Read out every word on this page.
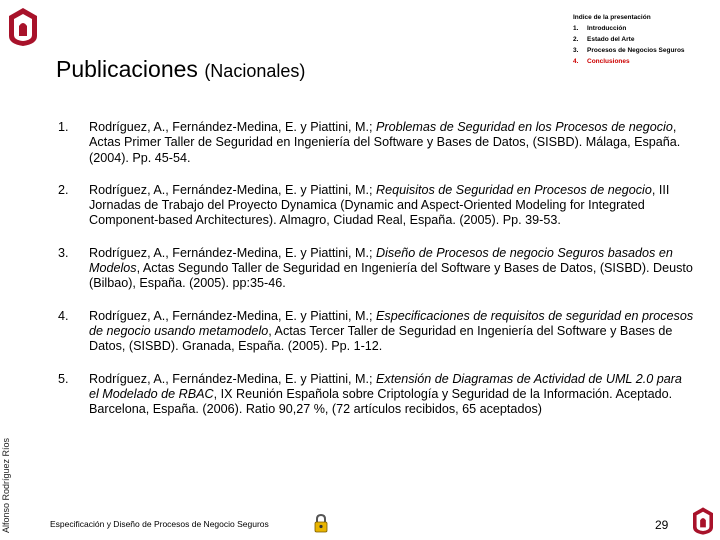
Alfonso Rodríguez Ríos
Publicaciones (Nacionales)
Indice de la presentación
1.	Introducción
2.	Estado del Arte
3.	Procesos de Negocios Seguros
4.	Conclusiones
1.	Rodríguez, A., Fernández-Medina, E. y Piattini, M.; Problemas de Seguridad en los Procesos de negocio, Actas Primer Taller de Seguridad en Ingeniería del Software y Bases de Datos, (SISBD). Málaga, España. (2004). Pp. 45-54.
2.	Rodríguez, A., Fernández-Medina, E. y Piattini, M.; Requisitos de Seguridad en Procesos de negocio, III Jornadas de Trabajo del Proyecto Dynamica (Dynamic and Aspect-Oriented Modeling for Integrated Component-based Architectures). Almagro, Ciudad Real, España. (2005). Pp. 39-53.
3.	Rodríguez, A., Fernández-Medina, E. y Piattini, M.; Diseño de Procesos de negocio Seguros basados en Modelos, Actas Segundo Taller de Seguridad en Ingeniería del Software y Bases de Datos, (SISBD). Deusto (Bilbao), España. (2005). pp:35-46.
4.	Rodríguez, A., Fernández-Medina, E. y Piattini, M.; Especificaciones de requisitos de seguridad en procesos de negocio usando metamodelo, Actas Tercer Taller de Seguridad en Ingeniería del Software y Bases de Datos, (SISBD). Granada, España. (2005). Pp. 1-12.
5.	Rodríguez, A., Fernández-Medina, E. y Piattini, M.; Extensión de Diagramas de Actividad de UML 2.0 para el Modelado de RBAC, IX Reunión Española sobre Criptología y Seguridad de la Información. Aceptado. Barcelona, España. (2006). Ratio 90,27 %, (72 artículos recibidos, 65 aceptados)
Especificación y Diseño de Procesos de Negocio Seguros	29
